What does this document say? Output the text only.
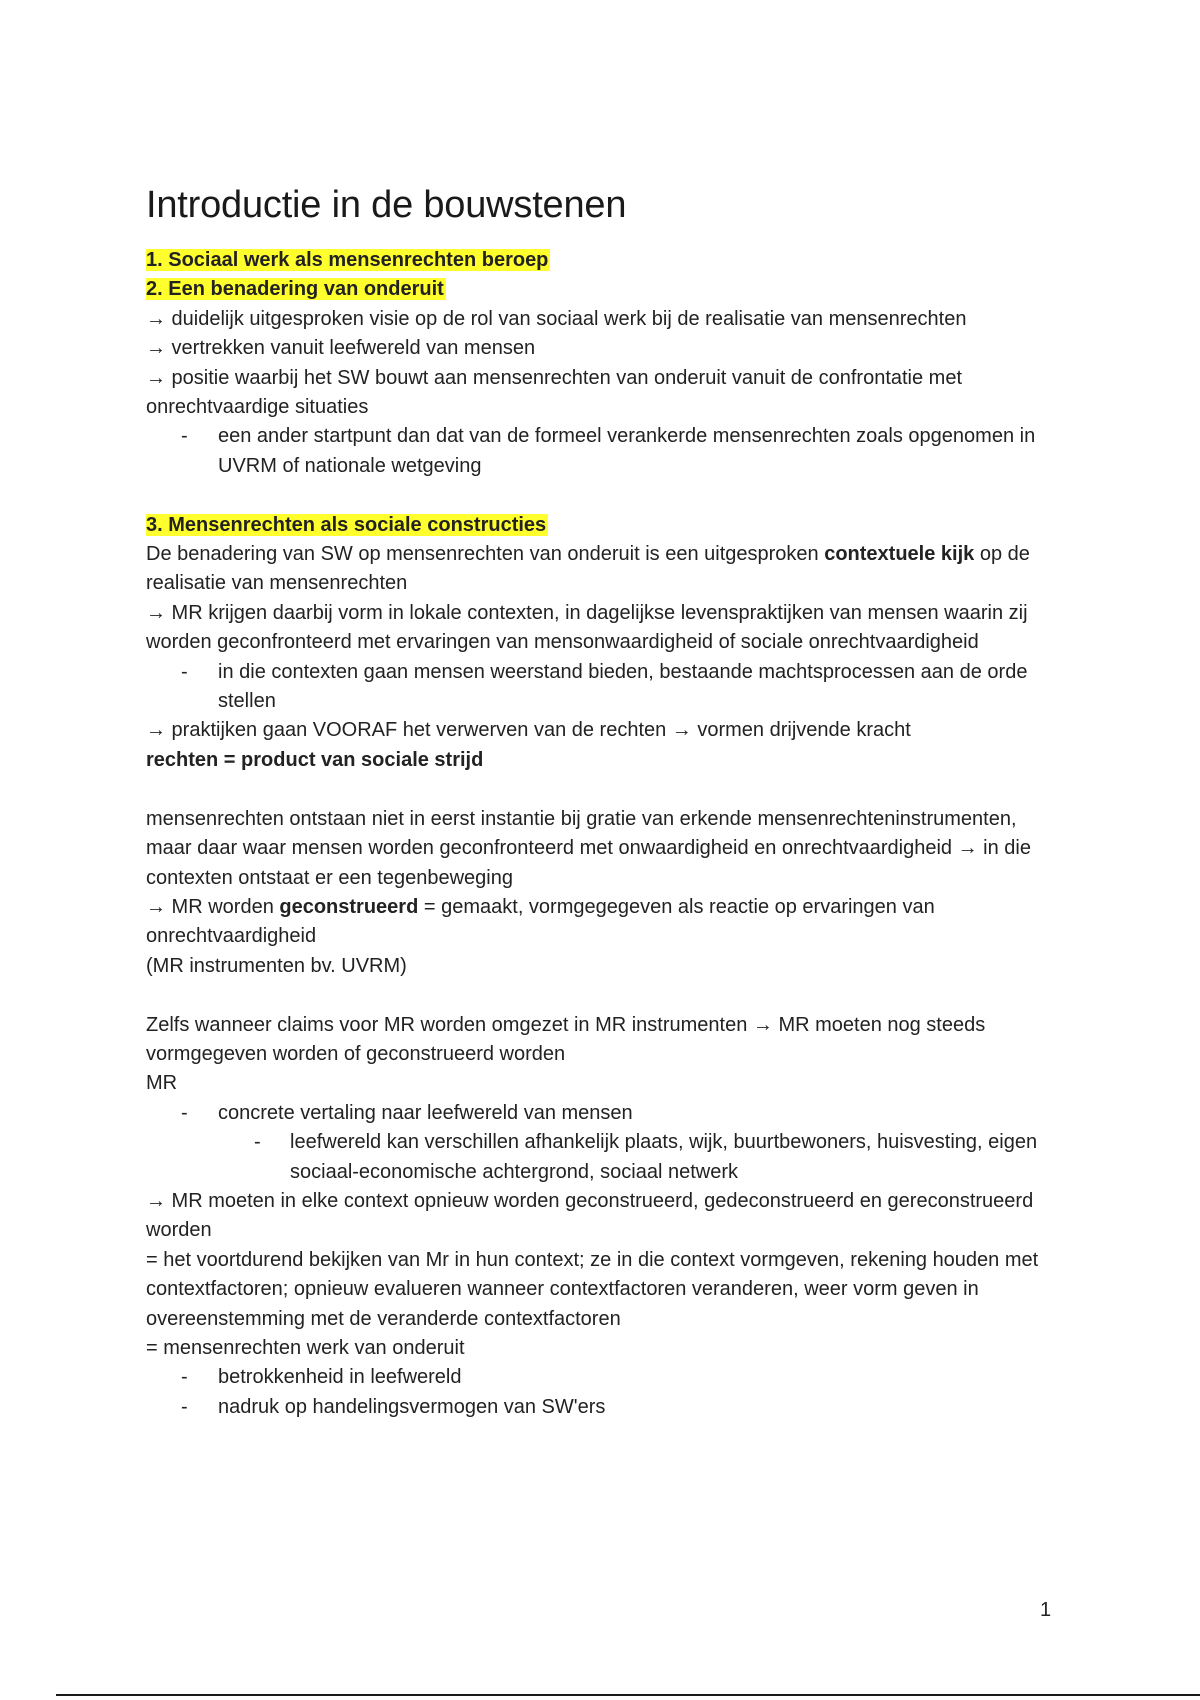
Introductie in de bouwstenen

1. Sociaal werk als mensenrechten beroep

2. Een benadering van onderuit

→ duidelijk uitgesproken visie op de rol van sociaal werk bij de realisatie van mensenrechten

→ vertrekken vanuit leefwereld van mensen

→ positie waarbij het SW bouwt aan mensenrechten van onderuit vanuit de confrontatie met onrechtvaardige situaties

- een ander startpunt dan dat van de formeel verankerde mensenrechten zoals opgenomen in UVRM of nationale wetgeving

3. Mensenrechten als sociale constructies

De benadering van SW op mensenrechten van onderuit is een uitgesproken contextuele kijk op de realisatie van mensenrechten

→ MR krijgen daarbij vorm in lokale contexten, in dagelijkse levenspraktijken van mensen waarin zij worden geconfronteerd met ervaringen van mensonwaardigheid of sociale onrechtvaardigheid

- in die contexten gaan mensen weerstand bieden, bestaande machtsprocessen aan de orde stellen

→ praktijken gaan VOORAF het verwerven van de rechten → vormen drijvende kracht

rechten = product van sociale strijd

mensenrechten ontstaan niet in eerst instantie bij gratie van erkende mensenrechteninstrumenten, maar daar waar mensen worden geconfronteerd met onwaardigheid en onrechtvaardigheid → in die contexten ontstaat er een tegenbeweging

→ MR worden geconstrueerd = gemaakt, vormgegegeven als reactie op ervaringen van onrechtvaardigheid

(MR instrumenten bv. UVRM)

Zelfs wanneer claims voor MR worden omgezet in MR instrumenten → MR moeten nog steeds vormgegeven worden of geconstrueerd worden

MR

- concrete vertaling naar leefwereld van mensen

- leefwereld kan verschillen afhankelijk plaats, wijk, buurtbewoners, huisvesting, eigen sociaal-economische achtergrond, sociaal netwerk

→ MR moeten in elke context opnieuw worden geconstrueerd, gedeconstrueerd en gereconstrueerd worden

= het voortdurend bekijken van Mr in hun context; ze in die context vormgeven, rekening houden met contextfactoren; opnieuw evalueren wanneer contextfactoren veranderen, weer vorm geven in overeenstemming met de veranderde contextfactoren

= mensenrechten werk van onderuit

- betrokkenheid in leefwereld

- nadruk op handelingsvermogen van SW'ers

1
